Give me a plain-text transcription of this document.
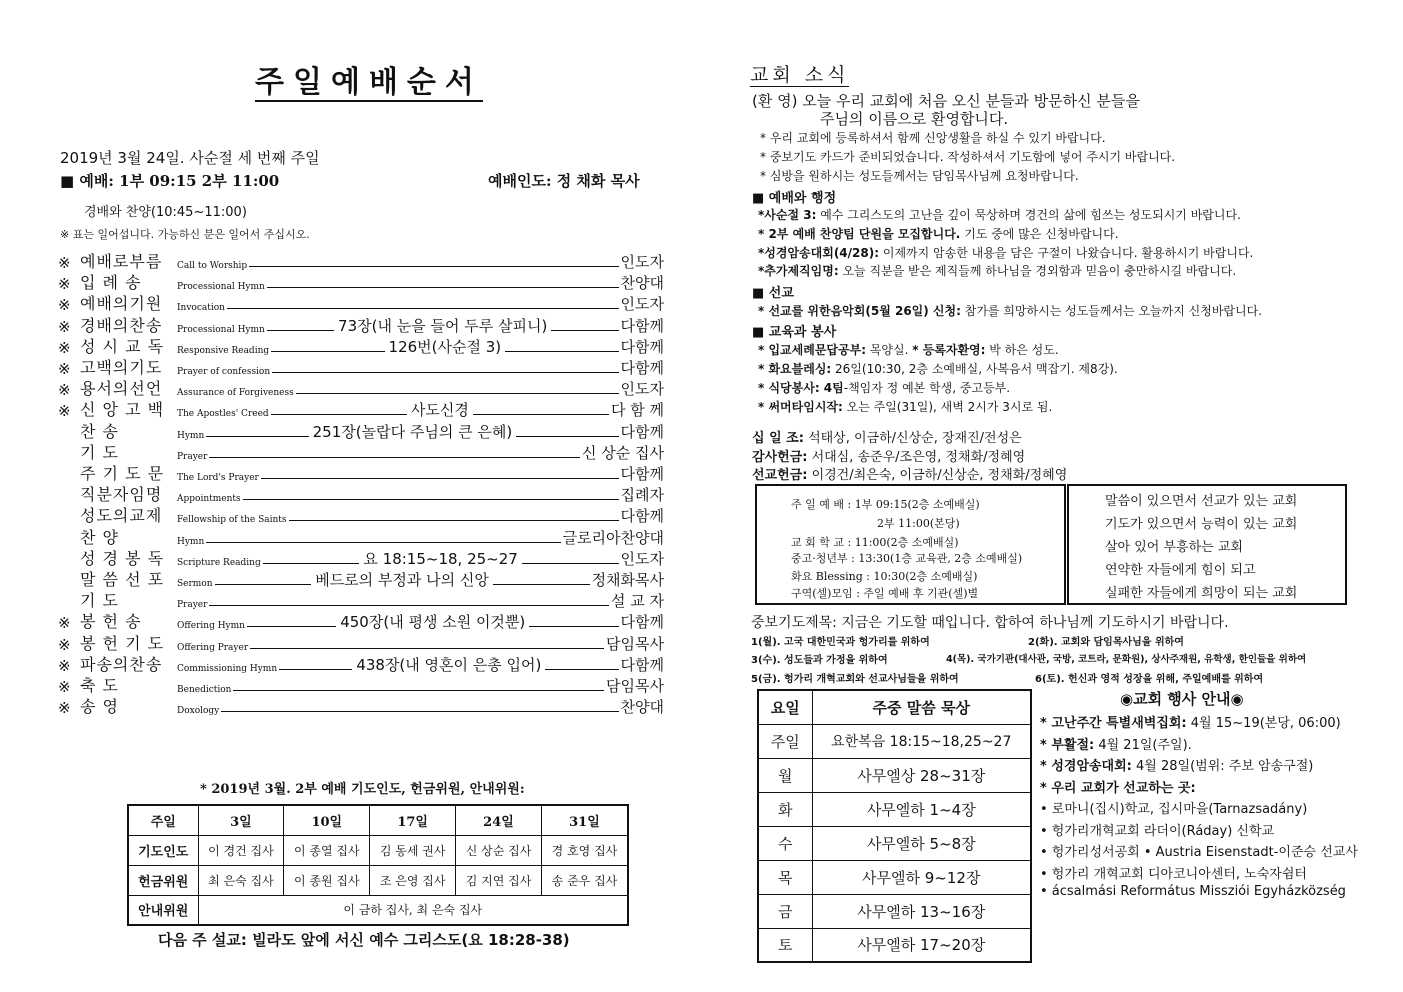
주일예배순서
2019년 3월 24일. 사순절 세 번째 주일
■ 예배: 1부 09:15 2부 11:00	예배인도: 정 채화 목사
경배와 찬양(10:45~11:00)
※ 표는 일어섭니다. 가능하신 분은 일어서 주십시오.
※ 예배로부름	Call to Worship	인도자
※ 입 례 송	Processional Hymn	찬양대
※ 예배의기원	Invocation	인도자
※ 경배의찬송	Processional Hymn	73장(내 눈을 들어 두루 살피니)	다함께
※ 성 시 교 독	Responsive Reading	126번(사순절 3)	다함께
※ 고백의기도	Prayer of confession	다함께
※ 용서의선언	Assurance of Forgiveness	인도자
※ 신 앙 고 백	The Apostles' Creed	사도신경	다 함 께
찬 송	Hymn	251장(놀랍다 주님의 큰 은혜)	다함께
기 도	Prayer	신 상순 집사
주 기 도 문	The Lord's Prayer	다함께
직분자임명	Appointments	집례자
성도의교제	Fellowship of the Saints	다함께
찬 양	Hymn	글로리아찬양대
성 경 봉 독	Scripture Reading	요 18:15~18, 25~27	인도자
말 씀 선 포	Sermon	베드로의 부정과 나의 신앙	정채화목사
기 도	Prayer	설 교 자
※ 봉 헌 송	Offering Hymn	450장(내 평생 소원 이것뿐)	다함께
※ 봉 헌 기 도	Offering Prayer	담임목사
※ 파송의찬송	Commissioning Hymn	438장(내 영혼이 은총 입어)	다함께
※ 축 도	Benediction	담임목사
※ 송 영	Doxology	찬양대
* 2019년 3월. 2부 예배 기도인도, 헌금위원, 안내위원:
주일	3일	10일	17일	24일	31일
기도인도	이 경건 집사	이 종열 집사	김 동세 권사	신 상순 집사	경 호영 집사
헌금위원	최 은숙 집사	이 종원 집사	조 은영 집사	김 지연 집사	송 준우 집사
안내위원	이 금하 집사, 최 은숙 집사				
다음 주 설교: 빌라도 앞에 서신 예수 그리스도(요 18:28-38)
교회 소식
(환 영) 오늘 우리 교회에 처음 오신 분들과 방문하신 분들을
주님의 이름으로 환영합니다.
* 우리 교회에 등록하셔서 함께 신앙생활을 하실 수 있기 바랍니다.
* 중보기도 카드가 준비되었습니다. 작성하셔서 기도함에 넣어 주시기 바랍니다.
* 심방을 원하시는 성도들께서는 담임목사님께 요청바랍니다.
■ 예배와 행정
*사순절 3: 예수 그리스도의 고난을 깊이 묵상하며 경건의 삶에 힘쓰는 성도되시기 바랍니다.
* 2부 예배 찬양팀 단원을 모집합니다. 기도 중에 많은 신청바랍니다.
*성경암송대회(4/28): 이제까지 암송한 내용을 담은 구절이 나왔습니다. 활용하시기 바랍니다.
*추가제직임명: 오늘 직분을 받은 제직들께 하나님을 경외함과 믿음이 충만하시길 바랍니다.
■ 선교
* 선교를 위한음악회(5월 26일) 신청: 참가를 희망하시는 성도들께서는 오늘까지 신청바랍니다.
■ 교육과 봉사
* 입교세례문답공부: 목양실. * 등록자환영: 박 하은 성도.
* 화요블레싱: 26일(10:30, 2층 소예배실, 사복음서 맥잡기. 제8강).
* 식당봉사: 4팀-책임자 정 예본 학생, 중고등부.
* 써머타임시작: 오는 주일(31일), 새벽 2시가 3시로 됨.
십 일 조: 석태상, 이금하/신상순, 장재진/전성은
감사헌금: 서대심, 송준우/조은영, 정채화/정혜영
선교헌금: 이경건/최은숙, 이금하/신상순, 정채화/정혜영
주 일 예 배 : 1부 09:15(2층 소예배실)
2부 11:00(본당)
교 회 학 교 : 11:00(2층 소예배실)
중고·청년부 : 13:30(1층 교육관, 2층 소예배실)
화요 Blessing : 10:30(2층 소예배실)
구역(셀)모임 : 주일 예배 후 기관(셀)별
말씀이 있으면서 선교가 있는 교회
기도가 있으면서 능력이 있는 교회
살아 있어 부흥하는 교회
연약한 자들에게 힘이 되고
실패한 자들에게 희망이 되는 교회
중보기도제목: 지금은 기도할 때입니다. 합하여 하나님께 기도하시기 바랍니다.
1(월). 고국 대한민국과 헝가리를 위하여	2(화). 교회와 담임목사님을 위하여
3(수). 성도들과 가정을 위하여	4(목). 국가기관(대사관, 국방, 코트라, 문화원), 상사주재원, 유학생, 한인들을 위하여
5(금). 헝가리 개혁교회와 선교사님들을 위하여	6(토). 헌신과 영적 성장을 위해, 주일예배를 위하여
요일	주중 말씀 묵상
주일	요한복음 18:15~18,25~27
월	사무엘상 28~31장
화	사무엘하 1~4장
수	사무엘하 5~8장
목	사무엘하 9~12장
금	사무엘하 13~16장
토	사무엘하 17~20장
◉교회 행사 안내◉
* 고난주간 특별새벽집회: 4월 15~19(본당, 06:00)
* 부활절: 4월 21일(주일).
* 성경암송대회: 4월 28일(범위: 주보 암송구절)
* 우리 교회가 선교하는 곳:
• 로마니(집시)학교, 집시마을(Tarnazsadány)
• 헝가리개혁교회 라더이(Ráday) 신학교
• 헝가리성서공회 • Austria Eisenstadt-이준승 선교사
• 헝가리 개혁교회 디아코니아센터, 노숙자쉼터
• ácsalmási Református Missziói Egyházközség
